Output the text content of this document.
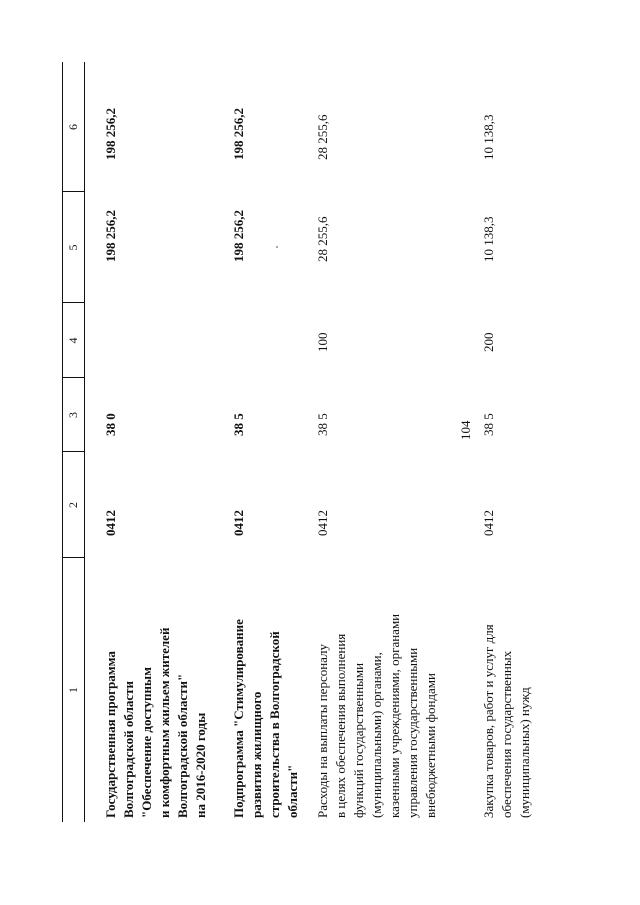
104
1
2
3
4
5
6
Государственная программа Волгоградской области "Обеспечение доступным и комфортным жильем жителей Волгоградской области" на 2016-2020 годы
0412
38 0
198 256,2
198 256,2
Подпрограмма "Стимулирование развития жилищного строительства в Волгоградской области"
0412
38 5
198 256,2
198 256,2
Расходы на выплаты персоналу в целях обеспечения выполнения функций государственными (муниципальными) органами, казенными учреждениями, органами управления государственными внебюджетными фондами
0412
38 5
100
28 255,6
28 255,6
Закупка товаров, работ и услуг для обеспечения государственных (муниципальных) нужд
0412
38 5
200
10 138,3
10 138,3
